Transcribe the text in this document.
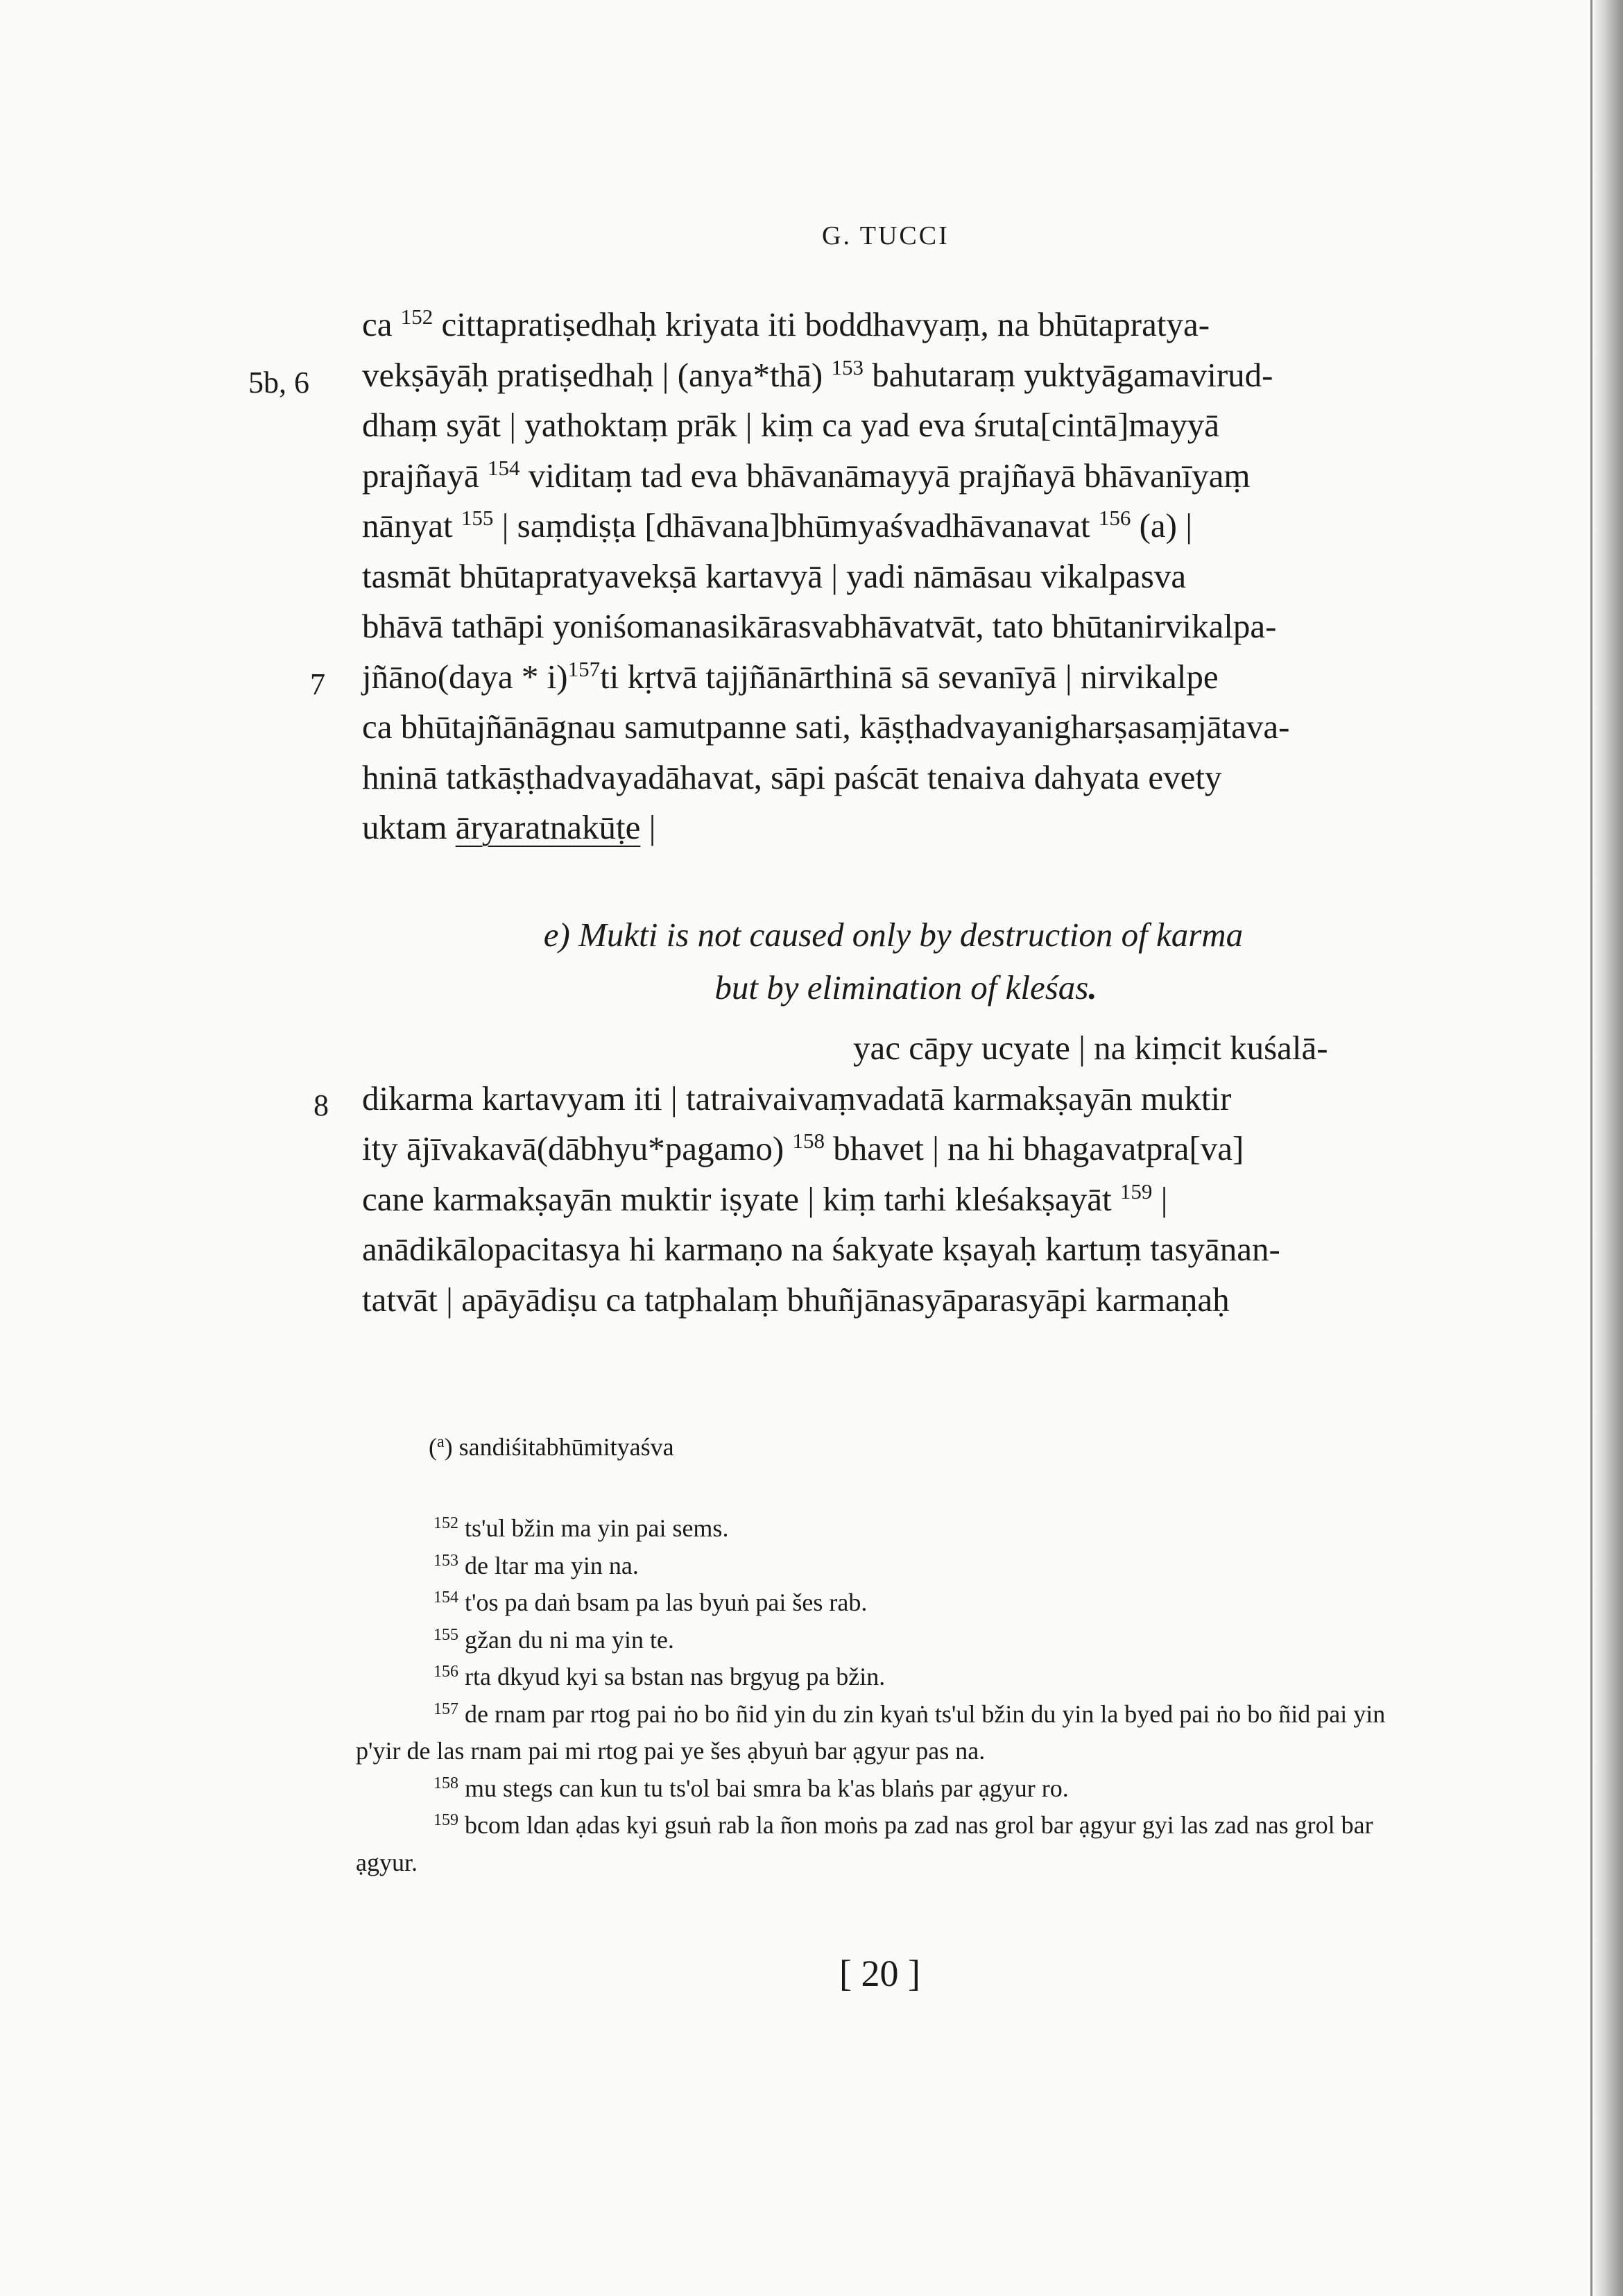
G. TUCCI
5b, 6
7
8

ca $^{152}$ cittapratiṣedhaḥ kriyata iti boddhavyaṃ, na bhūtapratya-

vekṣāyāḥ pratiṣedhaḥ | (anya*thā) $^{153}$ bahutaraṃ yuktyāgamavirud-

dhaṃ syāt | yathoktaṃ prāk | kiṃ ca yad eva śruta[cintā]mayyā

prajñayā $^{154}$ viditaṃ tad eva bhāvanāmayyā prajñayā bhāvanīyaṃ

nānyat $^{155}$ | saṃdiṣṭa [dhāvana]bhūmyaśvadhāvanavat $^{156}$ (a) |

tasmāt bhūtapratyavekṣā kartavyā | yadi nāmāsau vikalpasva

bhāvā tathāpi yoniśomanasikārasvabhāvatvāt, tato bhūtanirvikalpa-

jñāno(daya * i)$^{157}$ti kṛtvā tajjñānārthinā sā sevanīyā | nirvikalpe

ca bhūtajñānāgnau samutpanne sati, kāṣṭhadvayanigharṣasaṃjātava-

hninā tatkāṣṭhadvayadāhavat, sāpi paścāt tenaiva dahyata evety

uktam āryaratnakūṭe |

e) Mukti is not caused only by destruction of karma
but by elimination of kleśas.

yac cāpy ucyate | na kiṃcit kuśalā-

dikarma kartavyam iti | tatraivaivaṃvadatā karmakṣayān muktir

ity ājīvakavā(dābhyu*pagamo) $^{158}$ bhavet | na hi bhagavatpra[va]

cane karmakṣayān muktir iṣyate | kiṃ tarhi kleśakṣayāt $^{159}$ |

anādikālopacitasya hi karmaṇo na śakyate kṣayaḥ kartuṃ tasyānan-

tatvāt | apāyādiṣu ca tatphalaṃ bhuñjānasyāparasyāpi karmaṇaḥ

($^a$) sandiśitabhūmityaśva

$^{152}$ ts'ul bžin ma yin pai sems.

$^{153}$ de ltar ma yin na.

$^{154}$ t'os pa daṅ bsam pa las byuṅ pai šes rab.

$^{155}$ gžan du ni ma yin te.

$^{156}$ rta dkyud kyi sa bstan nas brgyug pa bžin.

$^{157}$ de rnam par rtog pai ṅo bo ñid yin du zin kyaṅ ts'ul bžin du yin la byed pai ṅo bo ñid pai yin p'yir de las rnam pai mi rtog pai ye šes ạbyuṅ bar ạgyur pas na.

$^{158}$ mu stegs can kun tu ts'ol bai smra ba k'as blaṅs par ạgyur ro.

$^{159}$ bcom ldan ạdas kyi gsuṅ rab la ñon moṅs pa zad nas grol bar ạgyur gyi las zad nas grol bar ạgyur.

[ 20 ]
